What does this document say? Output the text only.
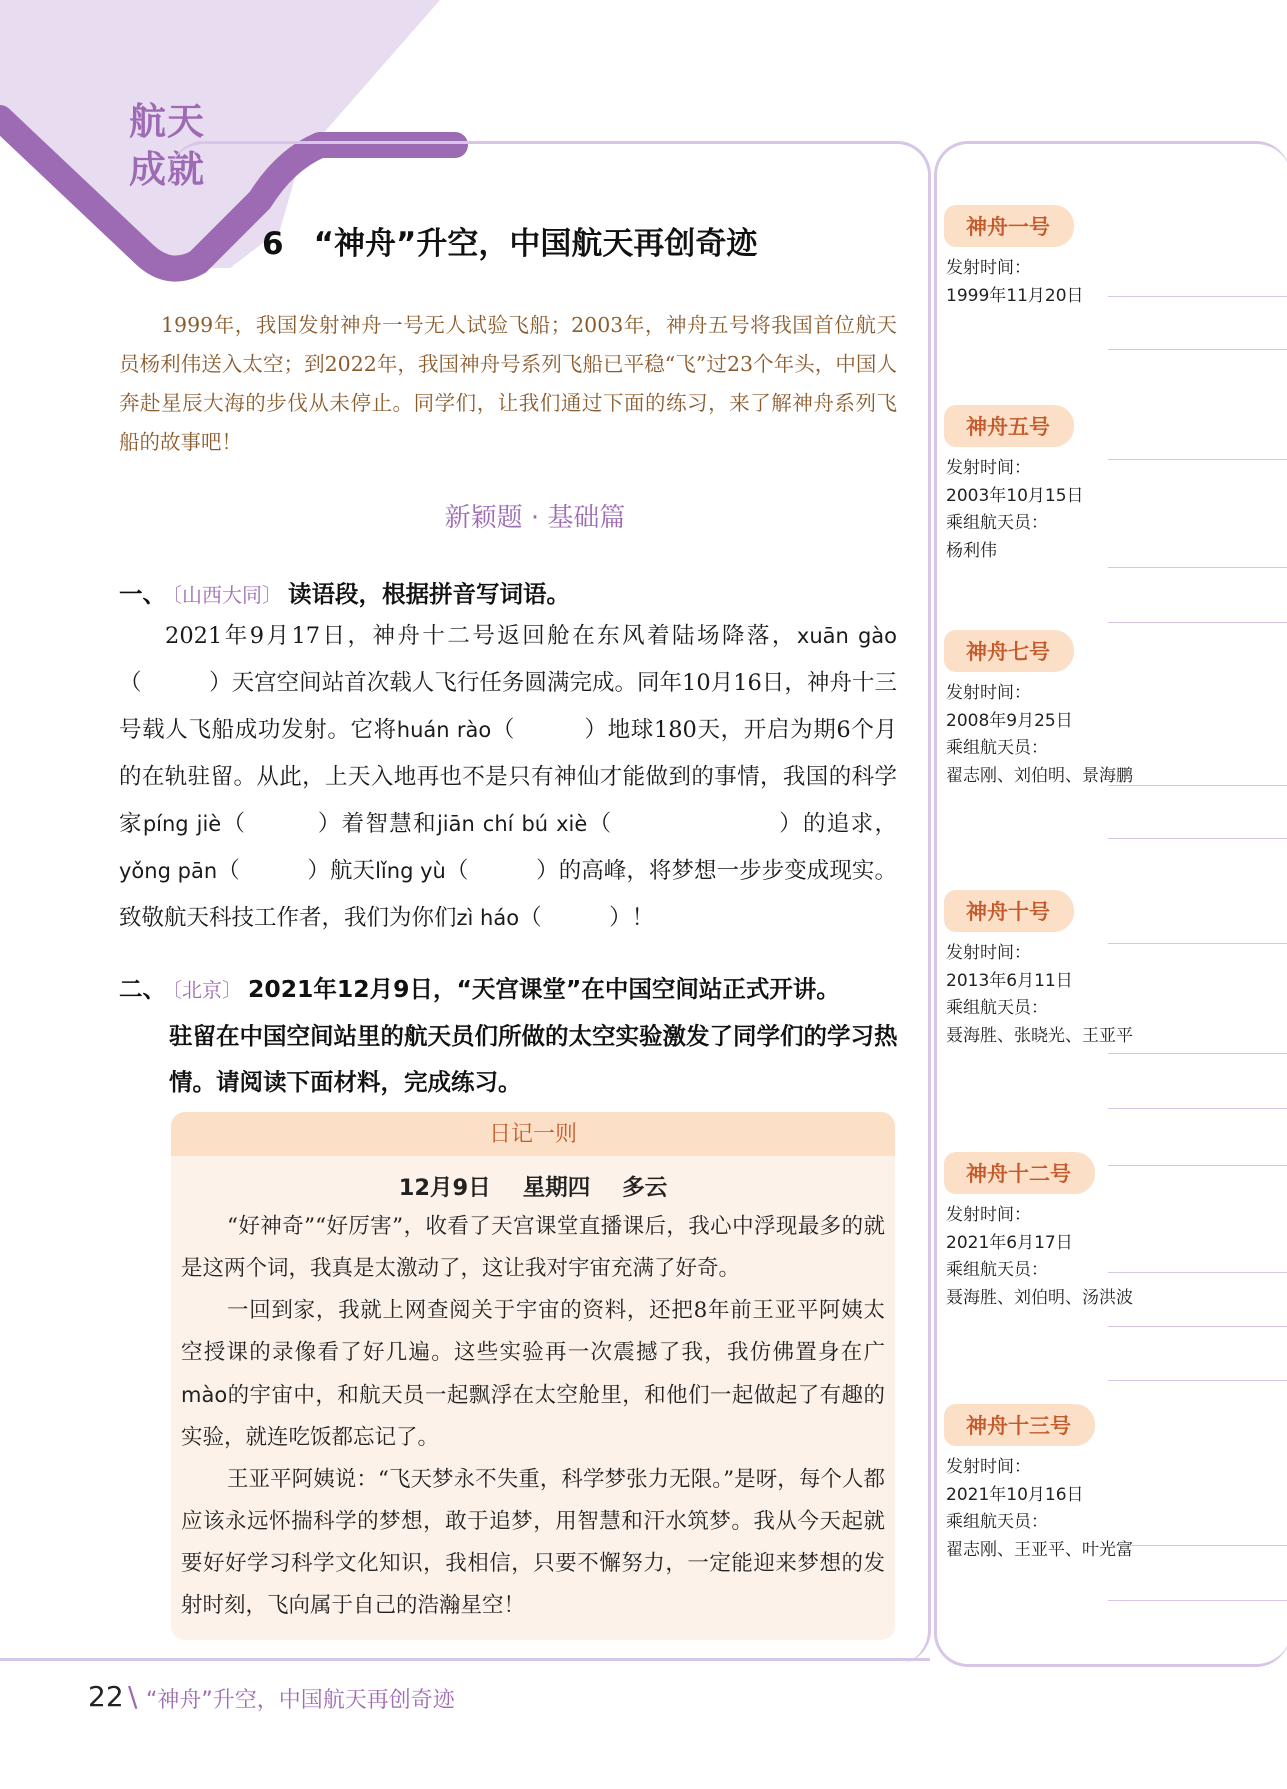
航天
成就
6 “神舟”升空，中国航天再创奇迹
1999年，我国发射神舟一号无人试验飞船；2003年，神舟五号将我国首位航天员杨利伟送入太空；到2022年，我国神舟号系列飞船已平稳“飞”过23个年头，中国人奔赴星辰大海的步伐从未停止。同学们，让我们通过下面的练习，来了解神舟系列飞船的故事吧！
新颖题 · 基础篇
一、 〔山西大同〕 读语段，根据拼音写词语。
2021年9月17日，神舟十二号返回舱在东风着陆场降落，xuān gào（　　　）天宫空间站首次载人飞行任务圆满完成。同年10月16日，神舟十三号载人飞船成功发射。它将huán rào（　　　）地球180天，开启为期6个月的在轨驻留。从此，上天入地再也不是只有神仙才能做到的事情，我国的科学家píng jiè（　　　）着智慧和jiān chí bú xiè（　　　　　　　）的追求，yǒng pān（　　　）航天lǐng yù（　　　）的高峰，将梦想一步步变成现实。致敬航天科技工作者，我们为你们zì háo（　　　）！
二、 〔北京〕 2021年12月9日，“天宫课堂”在中国空间站正式开讲。
驻留在中国空间站里的航天员们所做的太空实验激发了同学们的学习热情。请阅读下面材料，完成练习。
日记一则
12月9日 星期四 多云

“好神奇”“好厉害”，收看了天宫课堂直播课后，我心中浮现最多的就是这两个词，我真是太激动了，这让我对宇宙充满了好奇。

一回到家，我就上网查阅关于宇宙的资料，还把8年前王亚平阿姨太空授课的录像看了好几遍。这些实验再一次震撼了我，我仿佛置身在广mào的宇宙中，和航天员一起飘浮在太空舱里，和他们一起做起了有趣的实验，就连吃饭都忘记了。

王亚平阿姨说：“飞天梦永不失重，科学梦张力无限。”是呀，每个人都应该永远怀揣科学的梦想，敢于追梦，用智慧和汗水筑梦。我从今天起就要好好学习科学文化知识，我相信，只要不懈努力，一定能迎来梦想的发射时刻，飞向属于自己的浩瀚星空！

神舟一号
发射时间：
1999年11月20日
神舟五号
发射时间：
2003年10月15日
乘组航天员：
杨利伟
神舟七号
发射时间：
2008年9月25日
乘组航天员：
翟志刚、刘伯明、景海鹏
神舟十号
发射时间：
2013年6月11日
乘组航天员：
聂海胜、张晓光、王亚平
神舟十二号
发射时间：
2021年6月17日
乘组航天员：
聂海胜、刘伯明、汤洪波
神舟十三号
发射时间：
2021年10月16日
乘组航天员：
翟志刚、王亚平、叶光富
22 \ “神舟”升空，中国航天再创奇迹
